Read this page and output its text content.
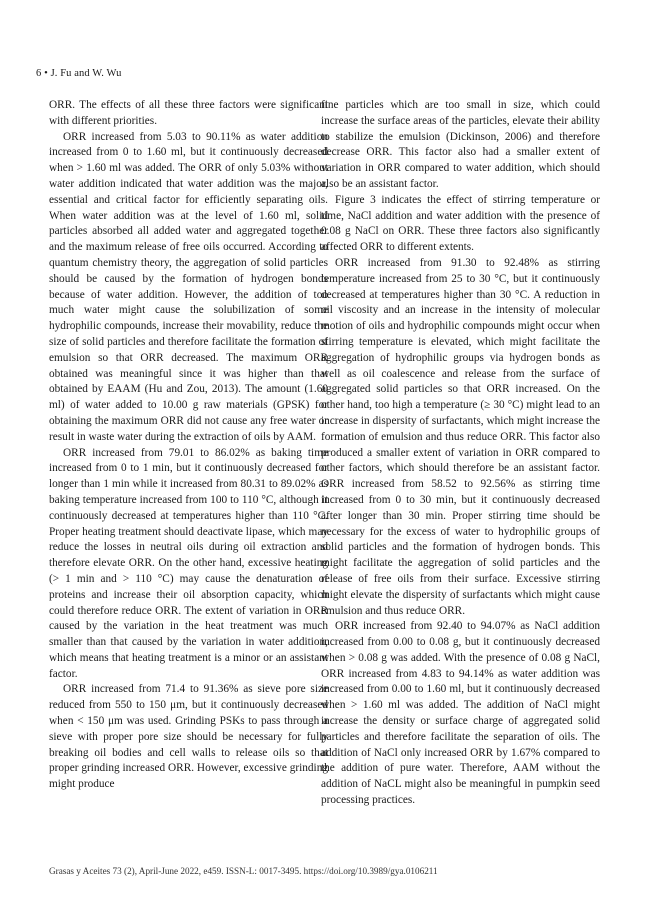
6 • J. Fu and W. Wu

ORR. The effects of all these three factors were significant with different priorities.

ORR increased from 5.03 to 90.11% as water addition increased from 0 to 1.60 ml, but it continuously decreased when > 1.60 ml was added. The ORR of only 5.03% without water addition indicated that water addition was the major, essential and critical factor for efficiently separating oils. When water addition was at the level of 1.60 ml, solid particles absorbed all added water and aggregated together and the maximum release of free oils occurred. According to quantum chemistry theory, the aggregation of solid particles should be caused by the formation of hydrogen bonds because of water addition. However, the addition of too much water might cause the solubilization of some hydrophilic compounds, increase their movability, reduce the size of solid particles and therefore facilitate the formation of emulsion so that ORR decreased. The maximum ORR obtained was meaningful since it was higher than that obtained by EAAM (Hu and Zou, 2013). The amount (1.60 ml) of water added to 10.00 g raw materials (GPSK) for obtaining the maximum ORR did not cause any free water or result in waste water during the extraction of oils by AAM.

ORR increased from 79.01 to 86.02% as baking time increased from 0 to 1 min, but it continuously decreased for longer than 1 min while it increased from 80.31 to 89.02% as baking temperature increased from 100 to 110 °C, although it continuously decreased at temperatures higher than 110 °C. Proper heating treatment should deactivate lipase, which may reduce the losses in neutral oils during oil extraction and therefore elevate ORR. On the other hand, excessive heating (> 1 min and > 110 °C) may cause the denaturation of proteins and increase their oil absorption capacity, which could therefore reduce ORR. The extent of variation in ORR caused by the variation in the heat treatment was much smaller than that caused by the variation in water addition, which means that heating treatment is a minor or an assistant factor.

ORR increased from 71.4 to 91.36% as sieve pore size reduced from 550 to 150 μm, but it continuously decreased when < 150 μm was used. Grinding PSKs to pass through a sieve with proper pore size should be necessary for fully breaking oil bodies and cell walls to release oils so that proper grinding increased ORR. However, excessive grinding might produce

fine particles which are too small in size, which could increase the surface areas of the particles, elevate their ability to stabilize the emulsion (Dickinson, 2006) and therefore decrease ORR. This factor also had a smaller extent of variation in ORR compared to water addition, which should also be an assistant factor.

Figure 3 indicates the effect of stirring temperature or time, NaCl addition and water addition with the presence of 0.08 g NaCl on ORR. These three factors also significantly affected ORR to different extents.

ORR increased from 91.30 to 92.48% as stirring temperature increased from 25 to 30 °C, but it continuously decreased at temperatures higher than 30 °C. A reduction in oil viscosity and an increase in the intensity of molecular motion of oils and hydrophilic compounds might occur when stirring temperature is elevated, which might facilitate the aggregation of hydrophilic groups via hydrogen bonds as well as oil coalescence and release from the surface of aggregated solid particles so that ORR increased. On the other hand, too high a temperature (≥ 30 °C) might lead to an increase in dispersity of surfactants, which might increase the formation of emulsion and thus reduce ORR. This factor also produced a smaller extent of variation in ORR compared to other factors, which should therefore be an assistant factor. ORR increased from 58.52 to 92.56% as stirring time increased from 0 to 30 min, but it continuously decreased after longer than 30 min. Proper stirring time should be necessary for the excess of water to hydrophilic groups of solid particles and the formation of hydrogen bonds. This might facilitate the aggregation of solid particles and the release of free oils from their surface. Excessive stirring might elevate the dispersity of surfactants which might cause emulsion and thus reduce ORR.

ORR increased from 92.40 to 94.07% as NaCl addition increased from 0.00 to 0.08 g, but it continuously decreased when > 0.08 g was added. With the presence of 0.08 g NaCl, ORR increased from 4.83 to 94.14% as water addition was increased from 0.00 to 1.60 ml, but it continuously decreased when > 1.60 ml was added. The addition of NaCl might increase the density or surface charge of aggregated solid particles and therefore facilitate the separation of oils. The addition of NaCl only increased ORR by 1.67% compared to the addition of pure water. Therefore, AAM without the addition of NaCL might also be meaningful in pumpkin seed processing practices.

Grasas y Aceites 73 (2), April-June 2022, e459. ISSN-L: 0017-3495. https://doi.org/10.3989/gya.0106211
